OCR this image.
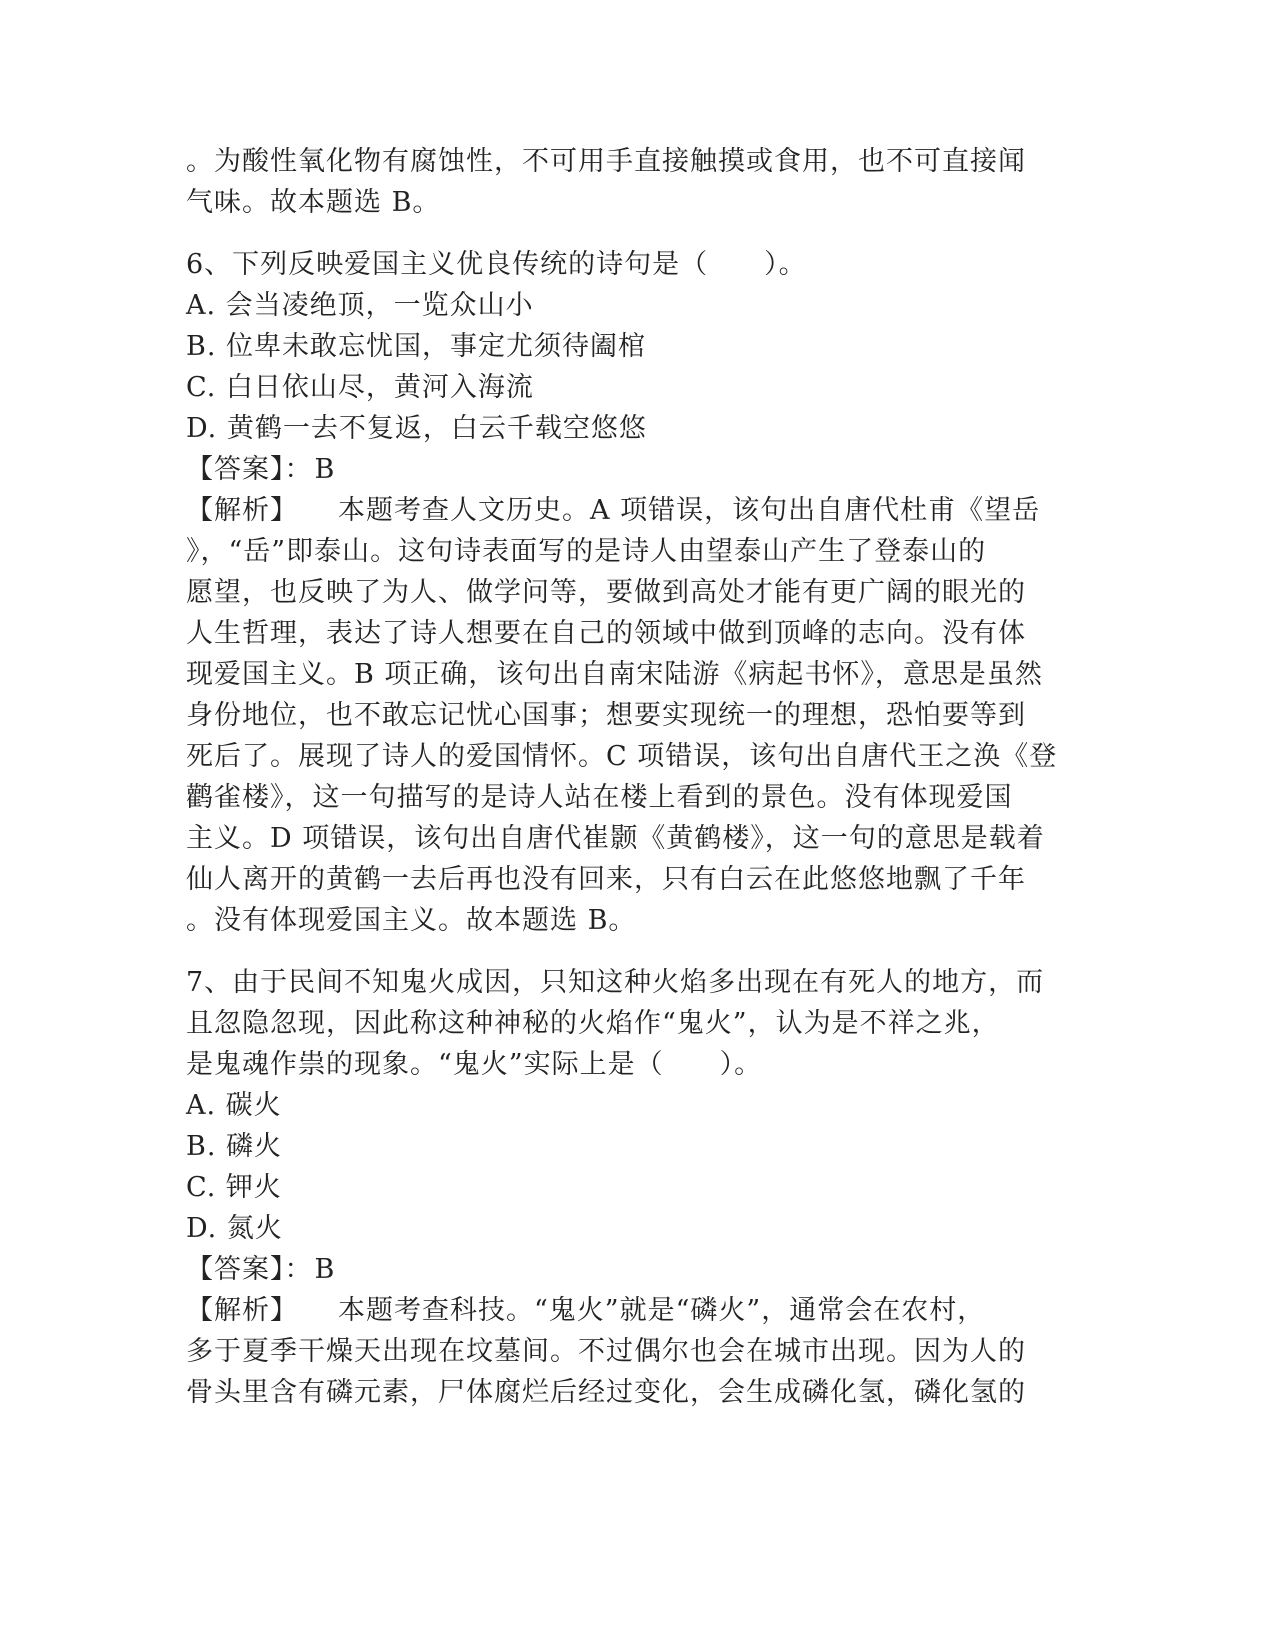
。为酸性氧化物有腐蚀性，不可用手直接触摸或食用，也不可直接闻
气味。故本题选 B。
6、下列反映爱国主义优良传统的诗句是（　　）。
A. 会当凌绝顶，一览众山小
B. 位卑未敢忘忧国，事定尤须待阖棺
C. 白日依山尽，黄河入海流
D. 黄鹤一去不复返，白云千载空悠悠
【答案】：B
【解析】 本题考查人文历史。A 项错误，该句出自唐代杜甫《望岳
》，“岳”即泰山。这句诗表面写的是诗人由望泰山产生了登泰山的
愿望，也反映了为人、做学问等，要做到高处才能有更广阔的眼光的
人生哲理，表达了诗人想要在自己的领域中做到顶峰的志向。没有体
现爱国主义。B 项正确，该句出自南宋陆游《病起书怀》，意思是虽然
身份地位，也不敢忘记忧心国事；想要实现统一的理想，恐怕要等到
死后了。展现了诗人的爱国情怀。C 项错误，该句出自唐代王之涣《登
鹳雀楼》，这一句描写的是诗人站在楼上看到的景色。没有体现爱国
主义。D 项错误，该句出自唐代崔颢《黄鹤楼》，这一句的意思是载着
仙人离开的黄鹤一去后再也没有回来，只有白云在此悠悠地飘了千年
。没有体现爱国主义。故本题选 B。
7、由于民间不知鬼火成因，只知这种火焰多出现在有死人的地方，而
且忽隐忽现，因此称这种神秘的火焰作“鬼火”，认为是不祥之兆，
是鬼魂作祟的现象。“鬼火”实际上是（　　）。
A. 碳火
B. 磷火
C. 钾火
D. 氮火
【答案】：B
【解析】 本题考查科技。“鬼火”就是“磷火”，通常会在农村，
多于夏季干燥天出现在坟墓间。不过偶尔也会在城市出现。因为人的
骨头里含有磷元素，尸体腐烂后经过变化，会生成磷化氢，磷化氢的
